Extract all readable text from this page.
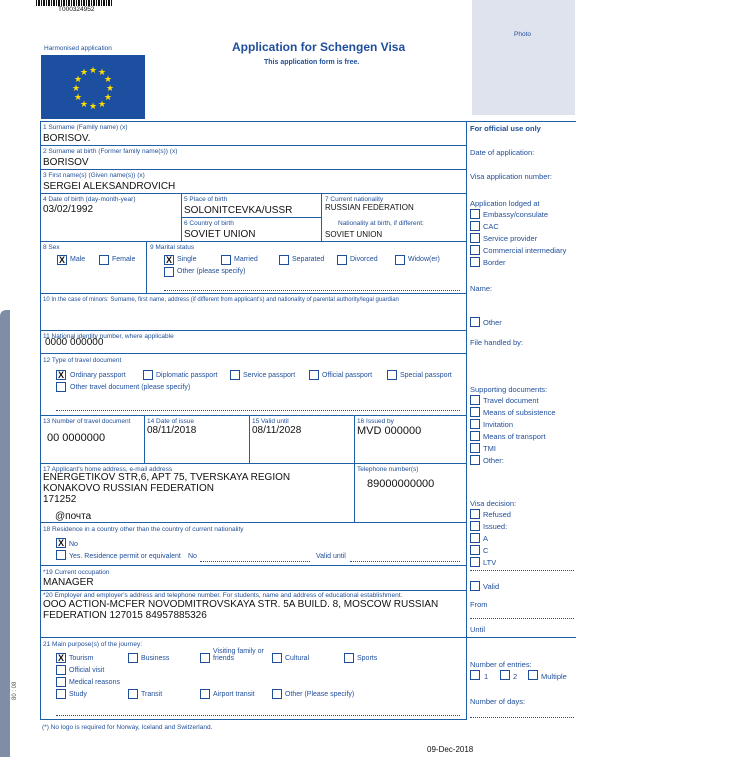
T000324952
80 : 08
Harmonised application
★ ★
★
★
★
★
★
★
★
★
★
★
Application for Schengen Visa
This application form is free.
Photo
1 Surname (Family name) (x)
BORISOV.
2 Surname at birth (Former family name(s)) (x)
BORISOV
3 First name(s) (Given name(s)) (x)
SERGEI ALEKSANDROVICH
4 Date of birth (day-month-year)
03/02/1992
5 Place of birth
SOLONITCEVKA/USSR
6 Country of birth
SOVIET UNION
7 Current nationality
RUSSIAN FEDERATION
Nationality at birth, if different:
SOVIET UNION
8 Sex
X Male	Female
9 Marital status
X Single	Married	Separated	Divorced	Widow(er)
Other (please specify)
10 In the case of minors: Surname, first name, address (if different from applicant's) and nationality of parental authority/legal guardian
11 National identity number, where applicable
0000 000000
12 Type of travel document
X Ordinary passport	Diplomatic passport	Service passport	Official passport	Special passport
Other travel document (please specify)
13 Number of travel document
00 0000000
14 Date of issue
08/11/2018
15 Valid until
08/11/2028
16 Issued by
MVD 000000
17 Applicant's home address, e-mail address
ENERGETIKOV STR,6, APT 75, TVERSKAYA REGION
KONAKOVO RUSSIAN FEDERATION
171252
@почта
Telephone number(s)
89000000000
18 Residence in a country other than the country of current nationality
X No
Yes. Residence permit or equivalent No	Valid until
*19 Current occupation
MANAGER
*20 Employer and employer's address and telephone number. For students, name and address of educational establishment.
OOO ACTION-MCFER NOVODMITROVSKAYA STR. 5A BUILD. 8, MOSCOW RUSSIAN
FEDERATION 127015 84957885326
21 Main purpose(s) of the journey:
X Tourism	Business
Visiting family or friends	Cultural	Sports
Official visit
Medical reasons
Study	Transit	Airport transit	Other (Please specify)
(*) No logo is required for Norway, Iceland and Switzerland.
09-Dec-2018
For official use only
Date of application:
Visa application number:
Application lodged at
Embassy/consulate
CAC
Service provider
Commercial intermediary
Border
Name:
Other
File handled by:
Supporting documents:
Travel document
Means of subsistence
Invitation
Means of transport
TMI
Other:
Visa decision:
Refused
Issued:
A
C
LTV
Valid
From
Until
Number of entries:
1	2	Multiple
Number of days:
